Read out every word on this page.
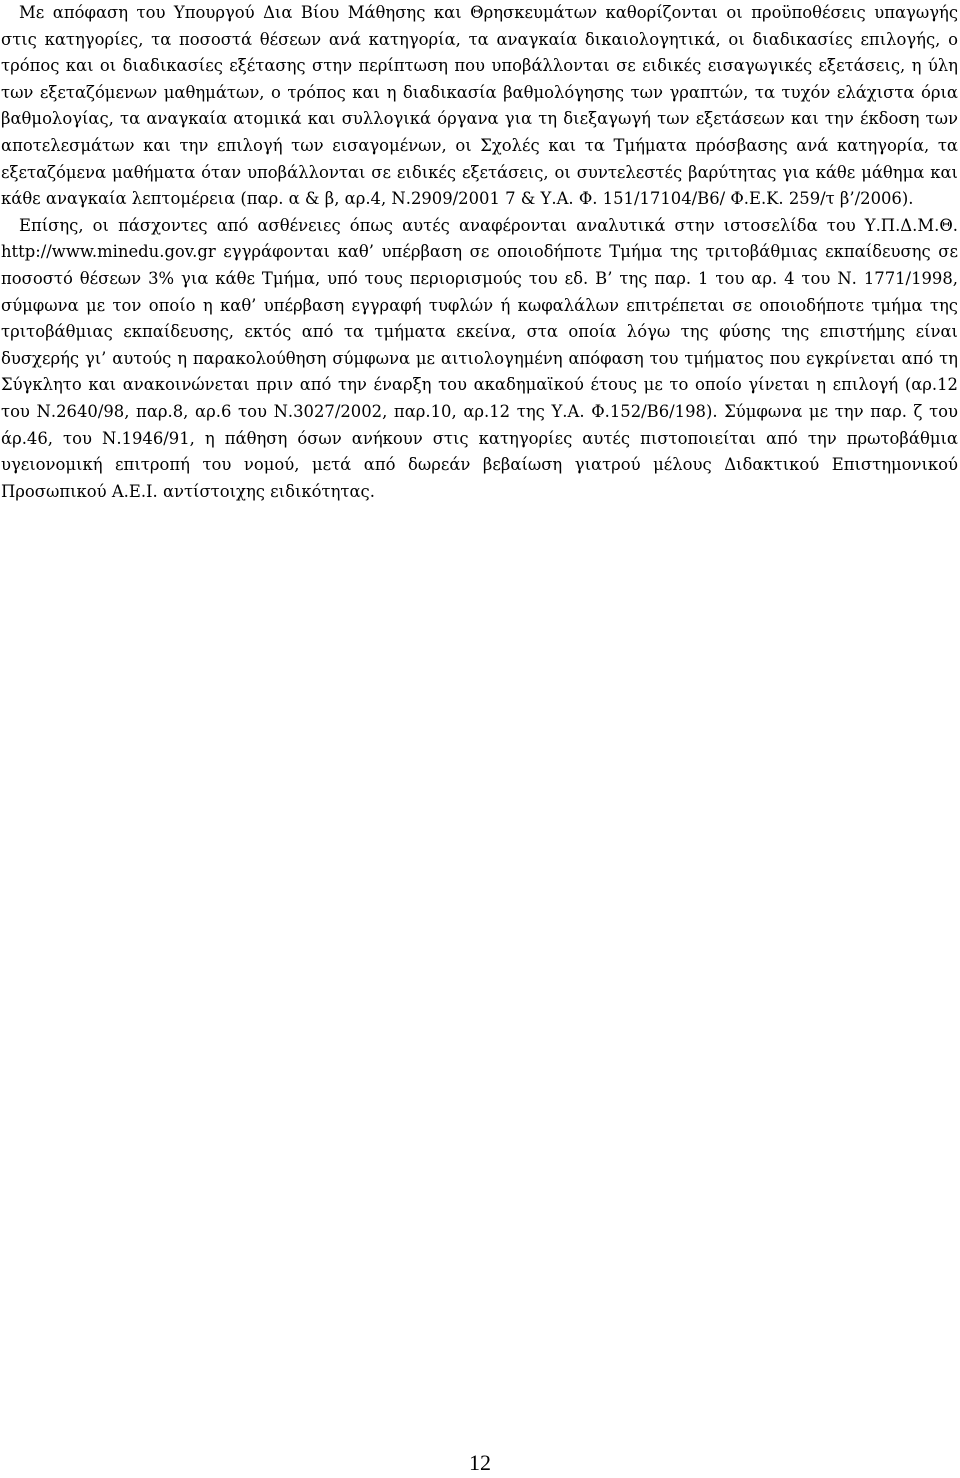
Με απόφαση του Υπουργού Δια Βίου Μάθησης και Θρησκευμάτων καθορίζονται οι προϋποθέσεις υπαγωγής στις κατηγορίες, τα ποσοστά θέσεων ανά κατηγορία, τα αναγκαία δικαιολογητικά, οι διαδικασίες επιλογής, ο τρόπος και οι διαδικασίες εξέτασης στην περίπτωση που υποβάλλονται σε ειδικές εισαγωγικές εξετάσεις, η ύλη των εξεταζόμενων μαθημάτων, ο τρόπος και η διαδικασία βαθμολόγησης των γραπτών, τα τυχόν ελάχιστα όρια βαθμολογίας, τα αναγκαία ατομικά και συλλογικά όργανα για τη διεξαγωγή των εξετάσεων και την έκδοση των αποτελεσμάτων και την επιλογή των εισαγομένων, οι Σχολές και τα Τμήματα πρόσβασης ανά κατηγορία, τα εξεταζόμενα μαθήματα όταν υποβάλλονται σε ειδικές εξετάσεις, οι συντελεστές βαρύτητας για κάθε μάθημα και κάθε αναγκαία λεπτομέρεια (παρ. α & β, αρ.4, Ν.2909/2001 7 & Υ.Α. Φ. 151/17104/Β6/ Φ.Ε.Κ. 259/τ β’/2006).

Επίσης, οι πάσχοντες από ασθένειες όπως αυτές αναφέρονται αναλυτικά στην ιστοσελίδα του Υ.Π.Δ.Μ.Θ. http://www.minedu.gov.gr εγγράφονται καθ’ υπέρβαση σε οποιοδήποτε Τμήμα της τριτοβάθμιας εκπαίδευσης σε ποσοστό θέσεων 3% για κάθε Τμήμα, υπό τους περιορισμούς του εδ. Β’ της παρ. 1 του αρ. 4 του Ν. 1771/1998, σύμφωνα με τον οποίο η καθ’ υπέρβαση εγγραφή τυφλών ή κωφαλάλων επιτρέπεται σε οποιοδήποτε τμήμα της τριτοβάθμιας εκπαίδευσης, εκτός από τα τμήματα εκείνα, στα οποία λόγω της φύσης της επιστήμης είναι δυσχερής γι’ αυτούς η παρακολούθηση σύμφωνα με αιτιολογημένη απόφαση του τμήματος που εγκρίνεται από τη Σύγκλητο και ανακοινώνεται πριν από την έναρξη του ακαδημαϊκού έτους με το οποίο γίνεται η επιλογή (αρ.12 του Ν.2640/98, παρ.8, αρ.6 του Ν.3027/2002, παρ.10, αρ.12 της Υ.Α. Φ.152/Β6/198). Σύμφωνα με την παρ. ζ του άρ.46, του Ν.1946/91, η πάθηση όσων ανήκουν στις κατηγορίες αυτές πιστοποιείται από την πρωτοβάθμια υγειονομική επιτροπή του νομού, μετά από δωρεάν βεβαίωση γιατρού μέλους Διδακτικού Επιστημονικού Προσωπικού Α.Ε.Ι. αντίστοιχης ειδικότητας.

12
